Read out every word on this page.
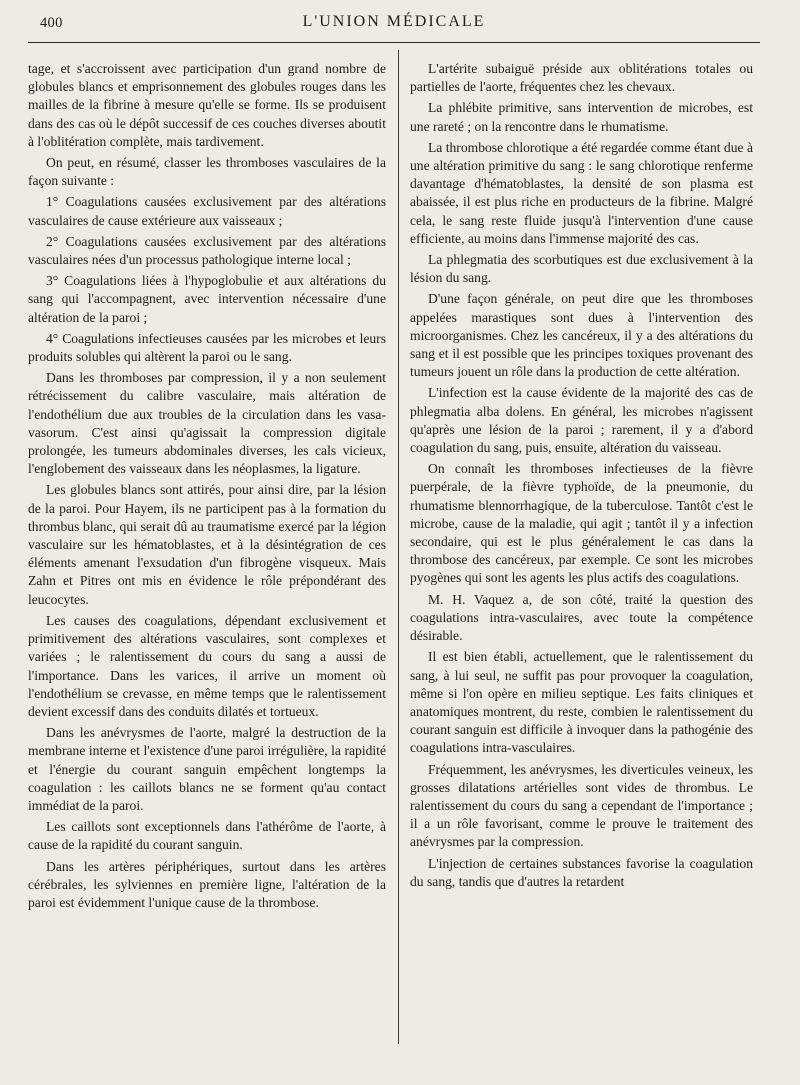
400	L'UNION MÉDICALE

tage, et s'accroissent avec participation d'un grand nombre de globules blancs et emprisonnement des globules rouges dans les mailles de la fibrine à mesure qu'elle se forme. Ils se produisent dans des cas où le dépôt successif de ces couches diverses aboutit à l'oblitération complète, mais tardivement.

On peut, en résumé, classer les thromboses vasculaires de la façon suivante :

1° Coagulations causées exclusivement par des altérations vasculaires de cause extérieure aux vaisseaux ;

2° Coagulations causées exclusivement par des altérations vasculaires nées d'un processus pathologique interne local ;

3° Coagulations liées à l'hypoglobulie et aux altérations du sang qui l'accompagnent, avec intervention nécessaire d'une altération de la paroi ;

4° Coagulations infectieuses causées par les microbes et leurs produits solubles qui altèrent la paroi ou le sang.

Dans les thromboses par compression, il y a non seulement rétrécissement du calibre vasculaire, mais altération de l'endothélium due aux troubles de la circulation dans les vasa-vasorum. C'est ainsi qu'agissait la compression digitale prolongée, les tumeurs abdominales diverses, les cals vicieux, l'englobement des vaisseaux dans les néoplasmes, la ligature.

Les globules blancs sont attirés, pour ainsi dire, par la lésion de la paroi. Pour Hayem, ils ne participent pas à la formation du thrombus blanc, qui serait dû au traumatisme exercé par la légion vasculaire sur les hématoblastes, et à la désintégration de ces éléments amenant l'exsudation d'un fibrogène visqueux. Mais Zahn et Pitres ont mis en évidence le rôle prépondérant des leucocytes.

Les causes des coagulations, dépendant exclusivement et primitivement des altérations vasculaires, sont complexes et variées ; le ralentissement du cours du sang a aussi de l'importance. Dans les varices, il arrive un moment où l'endothélium se crevasse, en même temps que le ralentissement devient excessif dans des conduits dilatés et tortueux.

Dans les anévrysmes de l'aorte, malgré la destruction de la membrane interne et l'existence d'une paroi irrégulière, la rapidité et l'énergie du courant sanguin empêchent longtemps la coagulation : les caillots blancs ne se forment qu'au contact immédiat de la paroi.

Les caillots sont exceptionnels dans l'athérôme de l'aorte, à cause de la rapidité du courant sanguin.

Dans les artères périphériques, surtout dans les artères cérébrales, les sylviennes en première ligne, l'altération de la paroi est évidemment l'unique cause de la thrombose.

L'artérite subaiguë préside aux oblitérations totales ou partielles de l'aorte, fréquentes chez les chevaux.

La phlébite primitive, sans intervention de microbes, est une rareté ; on la rencontre dans le rhumatisme.

La thrombose chlorotique a été regardée comme étant due à une altération primitive du sang : le sang chlorotique renferme davantage d'hématoblastes, la densité de son plasma est abaissée, il est plus riche en producteurs de la fibrine. Malgré cela, le sang reste fluide jusqu'à l'intervention d'une cause efficiente, au moins dans l'immense majorité des cas.

La phlegmatia des scorbutiques est due exclusivement à la lésion du sang.

D'une façon générale, on peut dire que les thromboses appelées marastiques sont dues à l'intervention des microorganismes. Chez les cancéreux, il y a des altérations du sang et il est possible que les principes toxiques provenant des tumeurs jouent un rôle dans la production de cette altération.

L'infection est la cause évidente de la majorité des cas de phlegmatia alba dolens. En général, les microbes n'agissent qu'après une lésion de la paroi ; rarement, il y a d'abord coagulation du sang, puis, ensuite, altération du vaisseau.

On connaît les thromboses infectieuses de la fièvre puerpérale, de la fièvre typhoïde, de la pneumonie, du rhumatisme blennorrhagique, de la tuberculose. Tantôt c'est le microbe, cause de la maladie, qui agit ; tantôt il y a infection secondaire, qui est le plus généralement le cas dans la thrombose des cancéreux, par exemple. Ce sont les microbes pyogènes qui sont les agents les plus actifs des coagulations.

M. H. Vaquez a, de son côté, traité la question des coagulations intra-vasculaires, avec toute la compétence désirable.

Il est bien établi, actuellement, que le ralentissement du sang, à lui seul, ne suffit pas pour provoquer la coagulation, même si l'on opère en milieu septique. Les faits cliniques et anatomiques montrent, du reste, combien le ralentissement du courant sanguin est difficile à invoquer dans la pathogénie des coagulations intra-vasculaires.

Fréquemment, les anévrysmes, les diverticules veineux, les grosses dilatations artérielles sont vides de thrombus. Le ralentissement du cours du sang a cependant de l'importance ; il a un rôle favorisant, comme le prouve le traitement des anévrysmes par la compression.

L'injection de certaines substances favorise la coagulation du sang, tandis que d'autres la retardent
